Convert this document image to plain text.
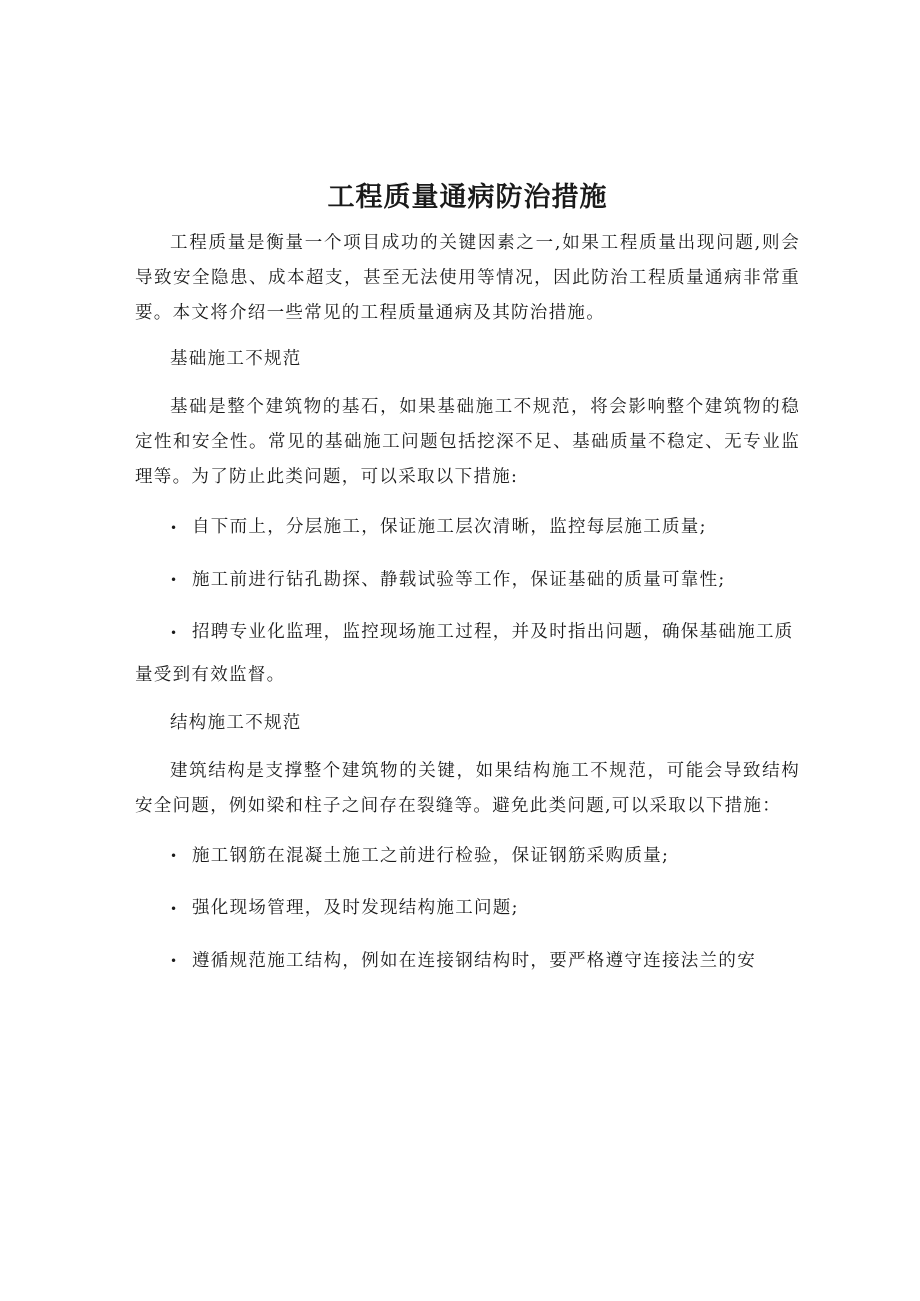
工程质量通病防治措施

工程质量是衡量一个项目成功的关键因素之一,如果工程质量出现问题,则会导致安全隐患、成本超支，甚至无法使用等情况，因此防治工程质量通病非常重要。本文将介绍一些常见的工程质量通病及其防治措施。

基础施工不规范

基础是整个建筑物的基石，如果基础施工不规范，将会影响整个建筑物的稳定性和安全性。常见的基础施工问题包括挖深不足、基础质量不稳定、无专业监理等。为了防止此类问题，可以采取以下措施:

• 自下而上，分层施工，保证施工层次清晰，监控每层施工质量;

• 施工前进行钻孔勘探、静载试验等工作，保证基础的质量可靠性;

• 招聘专业化监理，监控现场施工过程，并及时指出问题，确保基础施工质量受到有效监督。

结构施工不规范

建筑结构是支撑整个建筑物的关键，如果结构施工不规范，可能会导致结构安全问题，例如梁和柱子之间存在裂缝等。避免此类问题,可以采取以下措施：

• 施工钢筋在混凝土施工之前进行检验，保证钢筋采购质量;

• 强化现场管理，及时发现结构施工问题;

• 遵循规范施工结构，例如在连接钢结构时，要严格遵守连接法兰的安
